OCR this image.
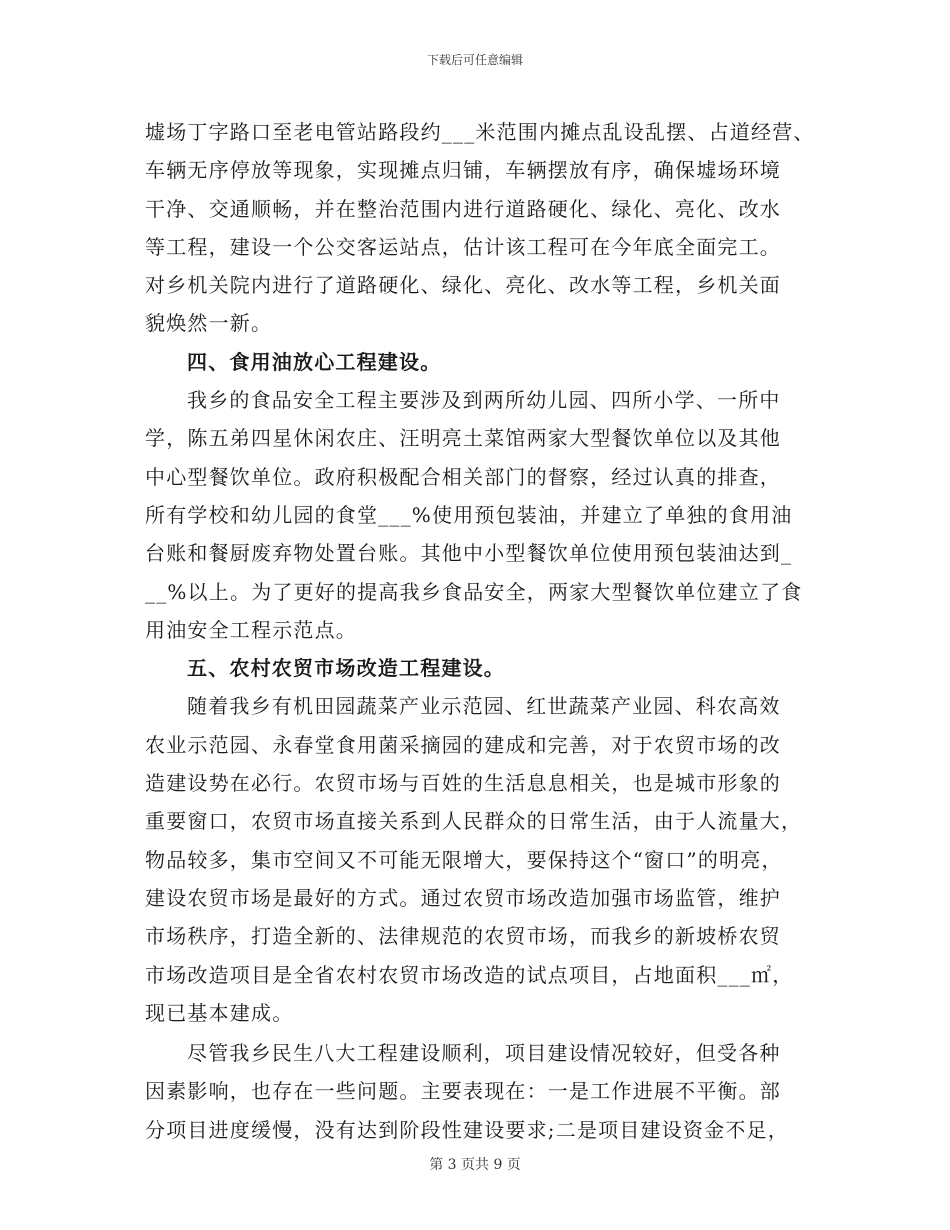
下载后可任意编辑
墟场丁字路口至老电管站路段约___米范围内摊点乱设乱摆、占道经营、
车辆无序停放等现象，实现摊点归铺，车辆摆放有序，确保墟场环境
干净、交通顺畅，并在整治范围内进行道路硬化、绿化、亮化、改水
等工程，建设一个公交客运站点，估计该工程可在今年底全面完工。
对乡机关院内进行了道路硬化、绿化、亮化、改水等工程，乡机关面
貌焕然一新。
四、食用油放心工程建设。
我乡的食品安全工程主要涉及到两所幼儿园、四所小学、一所中
学，陈五弟四星休闲农庄、汪明亮土菜馆两家大型餐饮单位以及其他
中心型餐饮单位。政府积极配合相关部门的督察，经过认真的排查，
所有学校和幼儿园的食堂___%使用预包装油，并建立了单独的食用油
台账和餐厨废弃物处置台账。其他中小型餐饮单位使用预包装油达到_
__%以上。为了更好的提高我乡食品安全，两家大型餐饮单位建立了食
用油安全工程示范点。
五、农村农贸市场改造工程建设。
随着我乡有机田园蔬菜产业示范园、红世蔬菜产业园、科农高效
农业示范园、永春堂食用菌采摘园的建成和完善，对于农贸市场的改
造建设势在必行。农贸市场与百姓的生活息息相关，也是城市形象的
重要窗口，农贸市场直接关系到人民群众的日常生活，由于人流量大，
物品较多，集市空间又不可能无限增大，要保持这个“窗口”的明亮，
建设农贸市场是最好的方式。通过农贸市场改造加强市场监管，维护
市场秩序，打造全新的、法律规范的农贸市场，而我乡的新坡桥农贸
市场改造项目是全省农村农贸市场改造的试点项目，占地面积___㎡，
现已基本建成。
尽管我乡民生八大工程建设顺利，项目建设情况较好，但受各种
因素影响，也存在一些问题。主要表现在：一是工作进展不平衡。部
分项目进度缓慢，没有达到阶段性建设要求;二是项目建设资金不足，
第 3 页共 9 页
